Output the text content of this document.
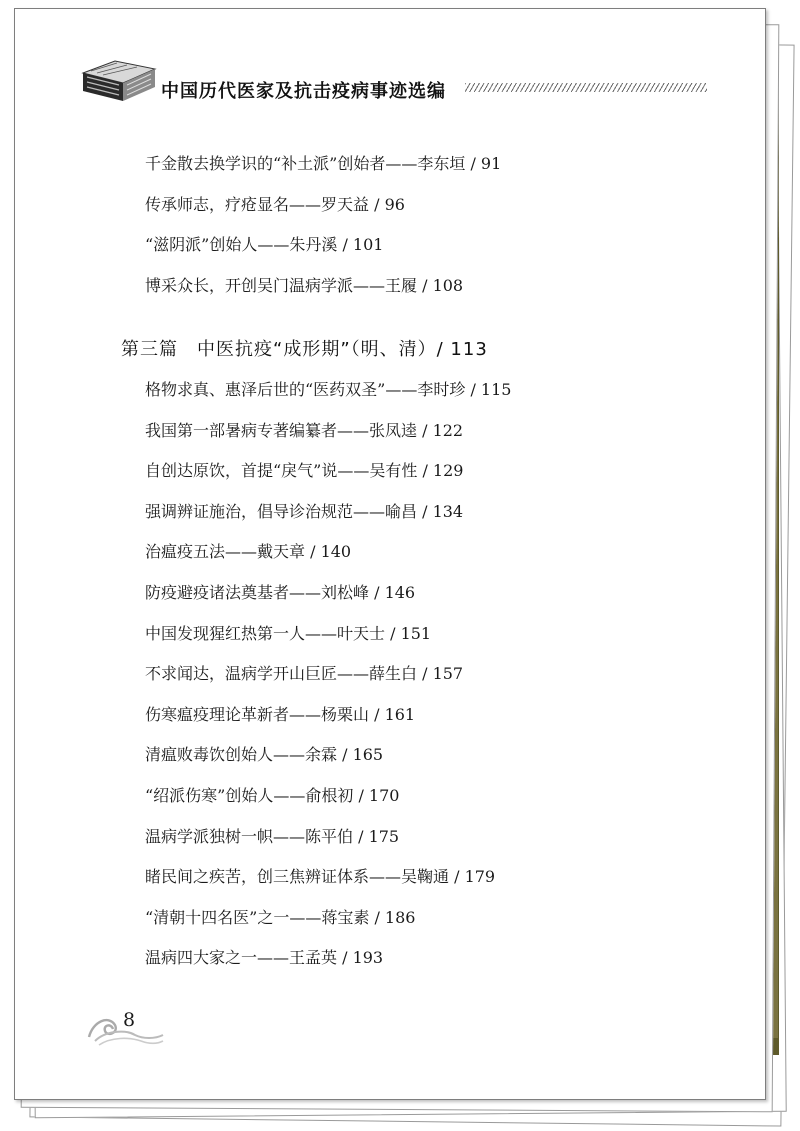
中国历代医家及抗击疫病事迹选编
千金散去换学识的“补土派”创始者——李东垣 / 91
传承师志，疗疮显名——罗天益 / 96
“滋阴派”创始人——朱丹溪 / 101
博采众长，开创吴门温病学派——王履 / 108
第三篇　中医抗疫“成形期”（明、清）/ 113
格物求真、惠泽后世的“医药双圣”——李时珍 / 115
我国第一部暑病专著编纂者——张凤逵 / 122
自创达原饮，首提“戾气”说——吴有性 / 129
强调辨证施治，倡导诊治规范——喻昌 / 134
治瘟疫五法——戴天章 / 140
防疫避疫诸法奠基者——刘松峰 / 146
中国发现猩红热第一人——叶天士 / 151
不求闻达，温病学开山巨匠——薛生白 / 157
伤寒瘟疫理论革新者——杨栗山 / 161
清瘟败毒饮创始人——余霖 / 165
“绍派伤寒”创始人——俞根初 / 170
温病学派独树一帜——陈平伯 / 175
睹民间之疾苦，创三焦辨证体系——吴鞠通 / 179
“清朝十四名医”之一——蒋宝素 / 186
温病四大家之一——王孟英 / 193
8
